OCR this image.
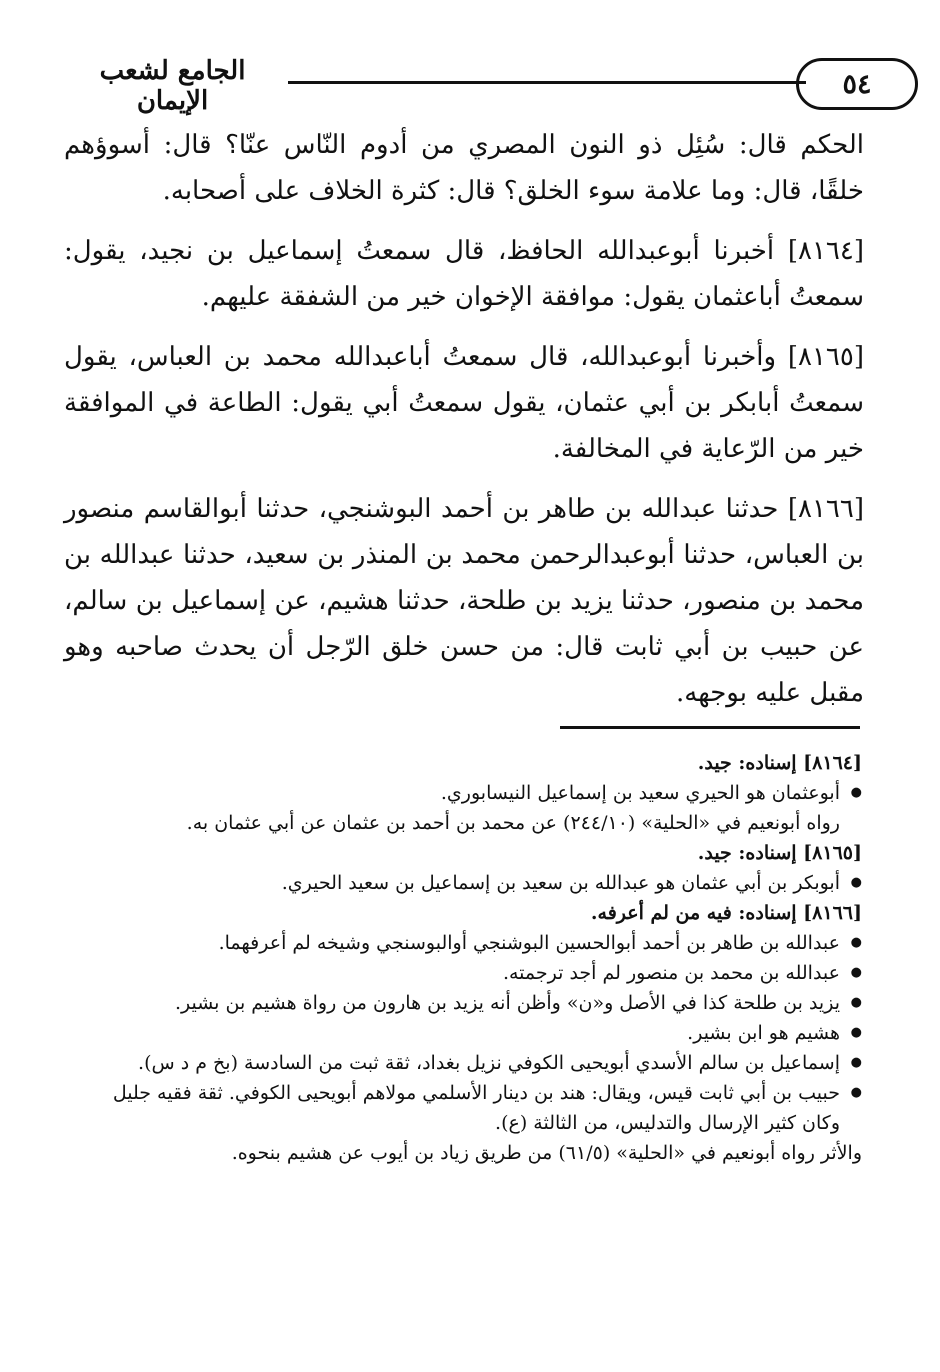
٥٤
الجامع لشعب الإيمان

الحكم قال: سُئِل ذو النون المصري من أدوم النّاس عنّا؟ قال: أسوؤهم خلقًا، قال: وما علامة سوء الخلق؟ قال: كثرة الخلاف على أصحابه.

[٨١٦٤] أخبرنا أبوعبدالله الحافظ، قال سمعتُ إسماعيل بن نجيد، يقول: سمعتُ أباعثمان يقول: موافقة الإخوان خير من الشفقة عليهم.

[٨١٦٥] وأخبرنا أبوعبدالله، قال سمعتُ أباعبدالله محمد بن العباس، يقول سمعتُ أبابكر بن أبي عثمان، يقول سمعتُ أبي يقول: الطاعة في الموافقة خير من الرّعاية في المخالفة.

[٨١٦٦] حدثنا عبدالله بن طاهر بن أحمد البوشنجي، حدثنا أبوالقاسم منصور بن العباس، حدثنا أبوعبدالرحمن محمد بن المنذر بن سعيد، حدثنا عبدالله بن محمد بن منصور، حدثنا يزيد بن طلحة، حدثنا هشيم، عن إسماعيل بن سالم، عن حبيب بن أبي ثابت قال: من حسن خلق الرّجل أن يحدث صاحبه وهو مقبل عليه بوجهه.

[٨١٦٤] إسناده: جيد.

● أبوعثمان هو الحيري سعيد بن إسماعيل النيسابوري.

رواه أبونعيم في «الحلية» (٢٤٤/١٠) عن محمد بن أحمد بن عثمان عن أبي عثمان به.

[٨١٦٥] إسناده: جيد.

● أبوبكر بن أبي عثمان هو عبدالله بن سعيد بن إسماعيل بن سعيد الحيري.

[٨١٦٦] إسناده: فيه من لم أعرفه.

● عبدالله بن طاهر بن أحمد أبوالحسين البوشنجي أوالبوسنجي وشيخه لم أعرفهما.
● عبدالله بن محمد بن منصور لم أجد ترجمته.
● يزيد بن طلحة كذا في الأصل و«ن» وأظن أنه يزيد بن هارون من رواة هشيم بن بشير.
● هشيم هو ابن بشير.
● إسماعيل بن سالم الأسدي أبويحيى الكوفي نزيل بغداد، ثقة ثبت من السادسة (بخ م د س).
● حبيب بن أبي ثابت قيس، ويقال: هند بن دينار الأسلمي مولاهم أبويحيى الكوفي. ثقة فقيه جليل وكان كثير الإرسال والتدليس، من الثالثة (ع).

والأثر رواه أبونعيم في «الحلية» (٦١/٥) من طريق زياد بن أيوب عن هشيم بنحوه.
